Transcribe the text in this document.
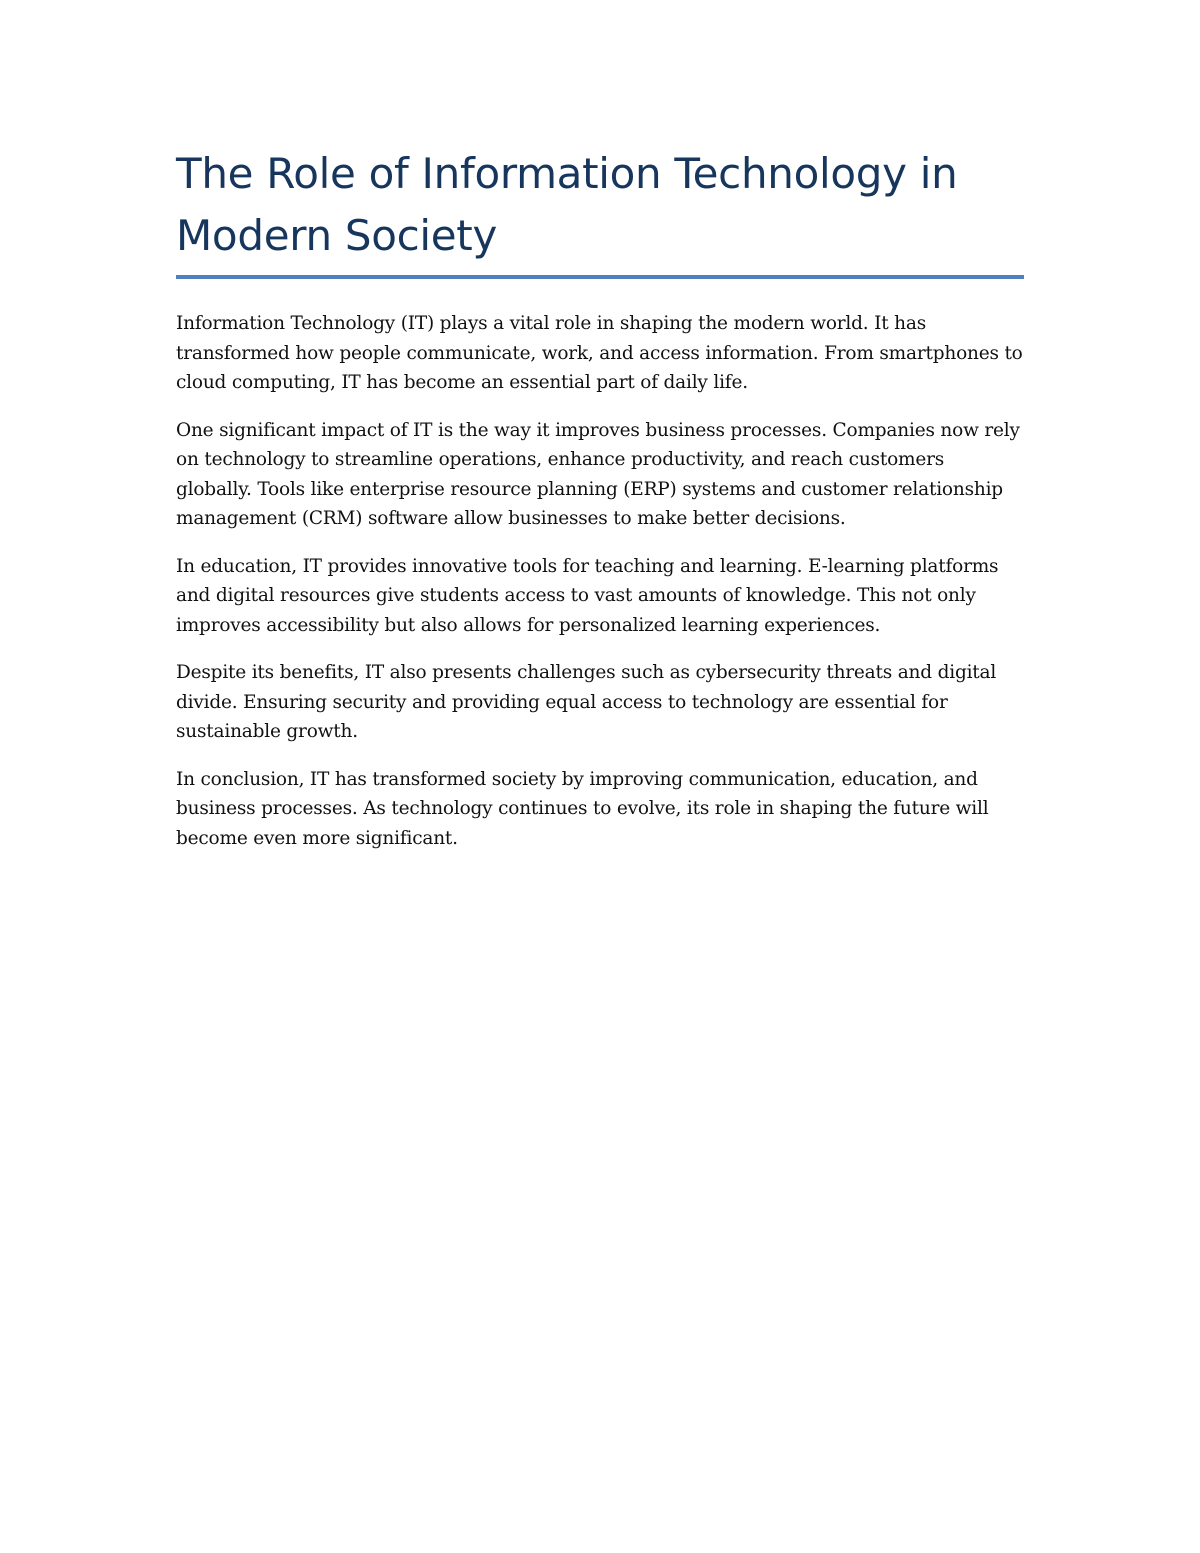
The Role of Information Technology in Modern Society

Information Technology (IT) plays a vital role in shaping the modern world. It has transformed how people communicate, work, and access information. From smartphones to cloud computing, IT has become an essential part of daily life.

One significant impact of IT is the way it improves business processes. Companies now rely on technology to streamline operations, enhance productivity, and reach customers globally. Tools like enterprise resource planning (ERP) systems and customer relationship management (CRM) software allow businesses to make better decisions.

In education, IT provides innovative tools for teaching and learning. E-learning platforms and digital resources give students access to vast amounts of knowledge. This not only improves accessibility but also allows for personalized learning experiences.

Despite its benefits, IT also presents challenges such as cybersecurity threats and digital divide. Ensuring security and providing equal access to technology are essential for sustainable growth.

In conclusion, IT has transformed society by improving communication, education, and business processes. As technology continues to evolve, its role in shaping the future will become even more significant.
